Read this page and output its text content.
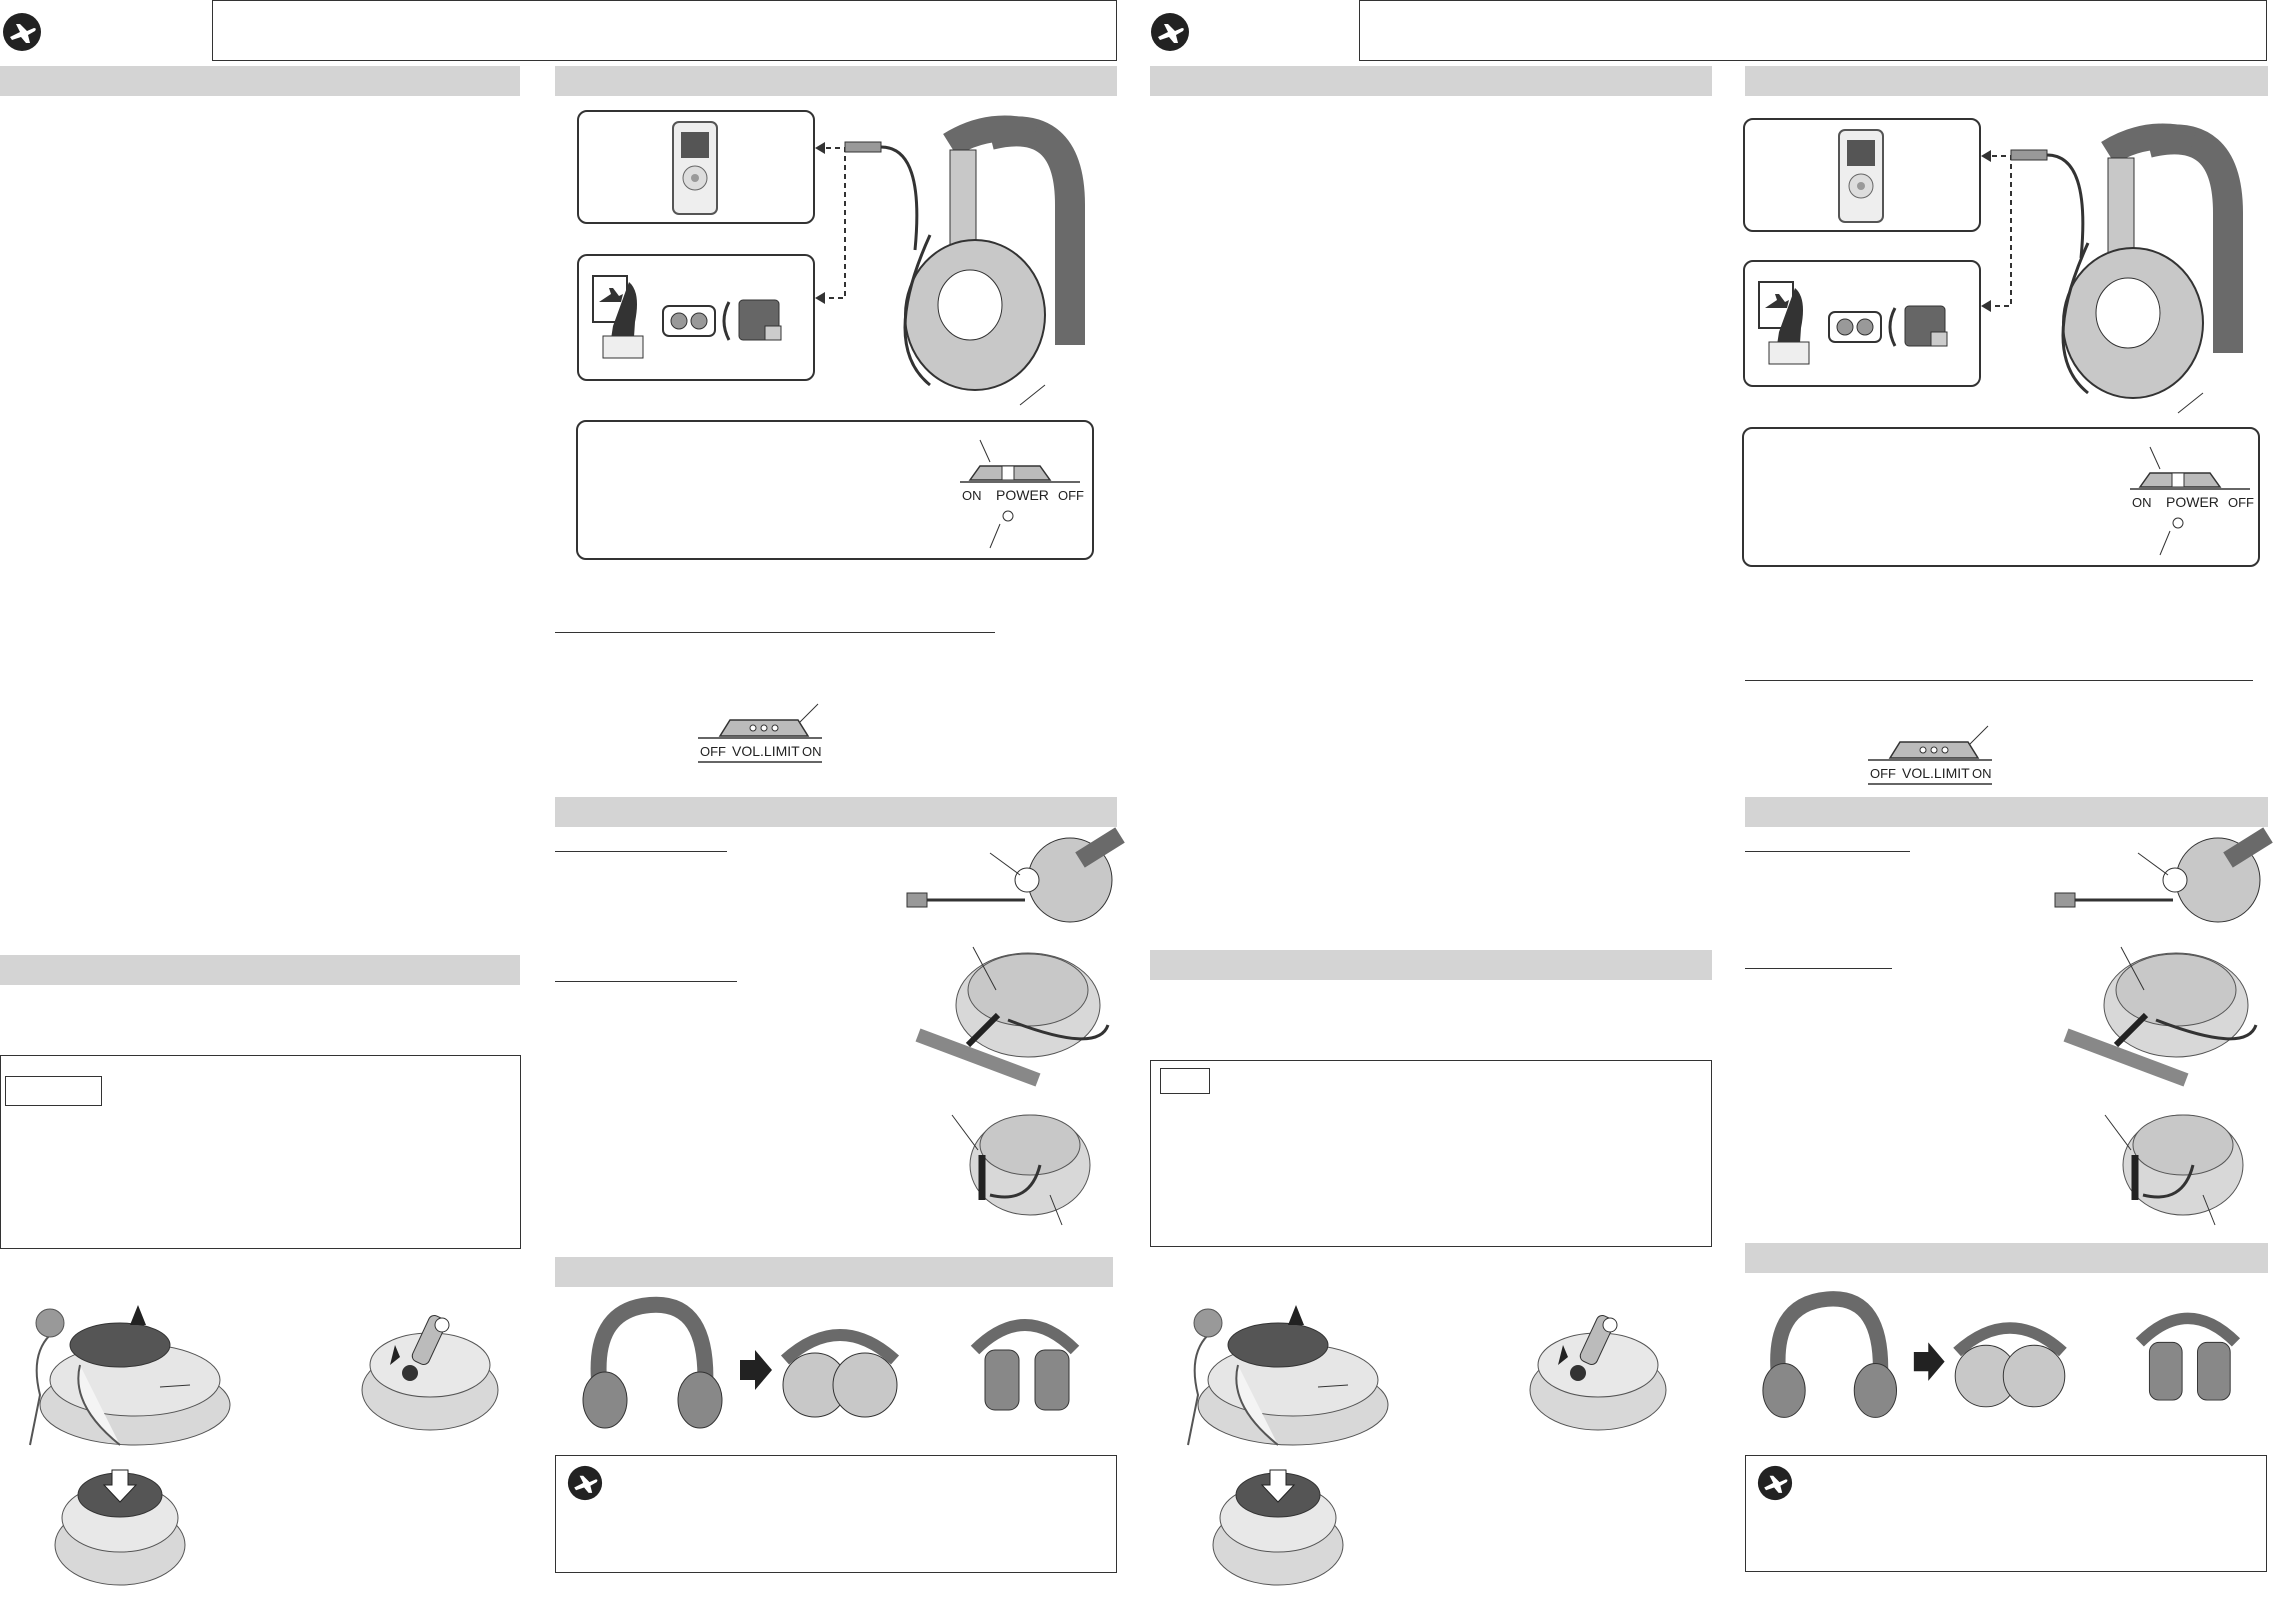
ON POWER OFF
OFF VOL.LIMIT ON
ON POWER OFF
OFF VOL.LIMIT ON
